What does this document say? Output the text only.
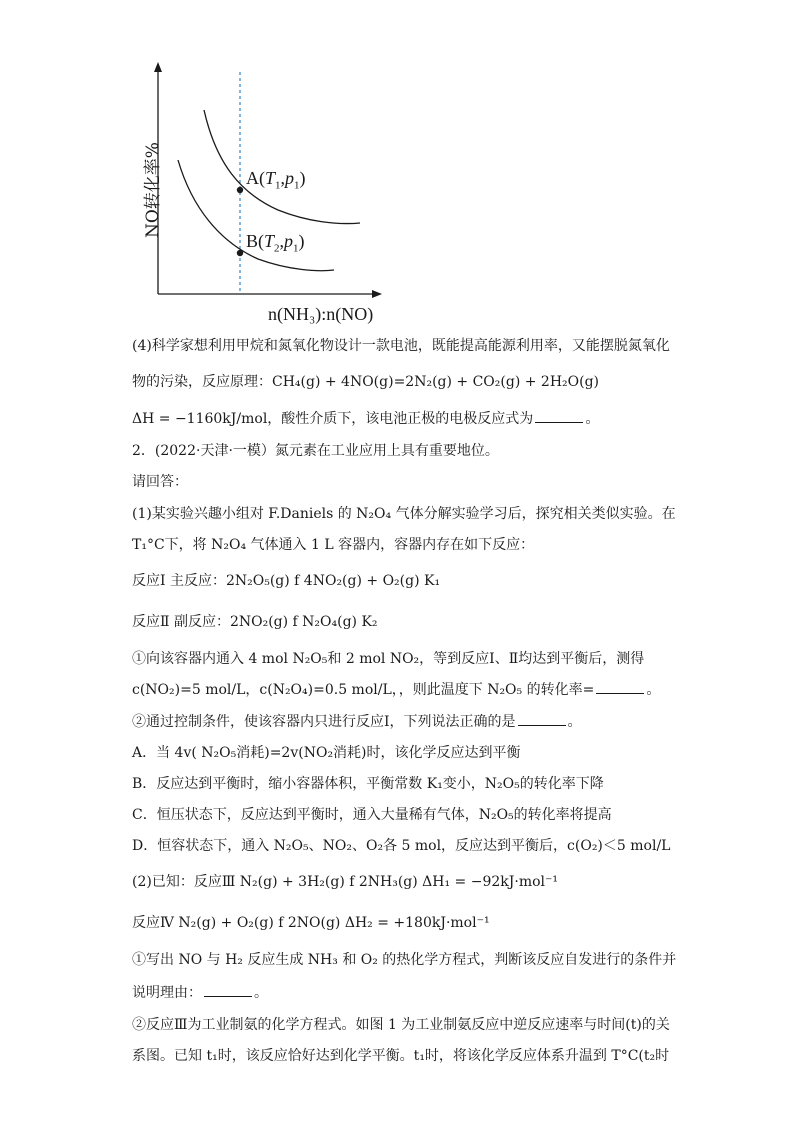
NO转化率%	$A(T_1,p_1)$
$B(T_2,p_1)$
n(NH₃):n(NO)
(4)科学家想利用甲烷和氮氧化物设计一款电池，既能提高能源利用率，又能摆脱氮氧化
物的污染，反应原理：CH₄(g) + 4NO(g)=2N₂(g) + CO₂(g) + 2H₂O(g)
ΔH = −1160kJ/mol，酸性介质下，该电池正极的电极反应式为	。
2．(2022·天津·一模）氮元素在工业应用上具有重要地位。
请回答：
(1)某实验兴趣小组对 F.Daniels 的 N₂O₄ 气体分解实验学习后，探究相关类似实验。在
T₁°C下，将 N₂O₄ 气体通入 1 L 容器内，容器内存在如下反应：
反应Ⅰ 主反应：2N₂O₅(g) f 4NO₂(g) + O₂(g) K₁
反应Ⅱ 副反应：2NO₂(g) f N₂O₄(g) K₂
①向该容器内通入 4 mol N₂O₅和 2 mol NO₂，等到反应Ⅰ、Ⅱ均达到平衡后，测得
c(NO₂)=5 mol/L，c(N₂O₄)=0.5 mol/L，，则此温度下 N₂O₅ 的转化率=	。
②通过控制条件，使该容器内只进行反应Ⅰ，下列说法正确的是	。
A．当 4v( N₂O₅消耗)=2v(NO₂消耗)时，该化学反应达到平衡
B．反应达到平衡时，缩小容器体积，平衡常数 K₁变小，N₂O₅的转化率下降
C．恒压状态下，反应达到平衡时，通入大量稀有气体，N₂O₅的转化率将提高
D．恒容状态下，通入 N₂O₅、NO₂、O₂各 5 mol，反应达到平衡后，c(O₂)＜5 mol/L
(2)已知：反应Ⅲ N₂(g) + 3H₂(g) f 2NH₃(g) ΔH₁ = −92kJ·mol⁻¹
反应Ⅳ N₂(g) + O₂(g) f 2NO(g) ΔH₂ = +180kJ·mol⁻¹
①写出 NO 与 H₂ 反应生成 NH₃ 和 O₂ 的热化学方程式，判断该反应自发进行的条件并
说明理由：	。
②反应Ⅲ为工业制氨的化学方程式。如图 1 为工业制氨反应中逆反应速率与时间(t)的关
系图。已知 t₁时，该反应恰好达到化学平衡。t₁时，将该化学反应体系升温到 T°C(t₂时
